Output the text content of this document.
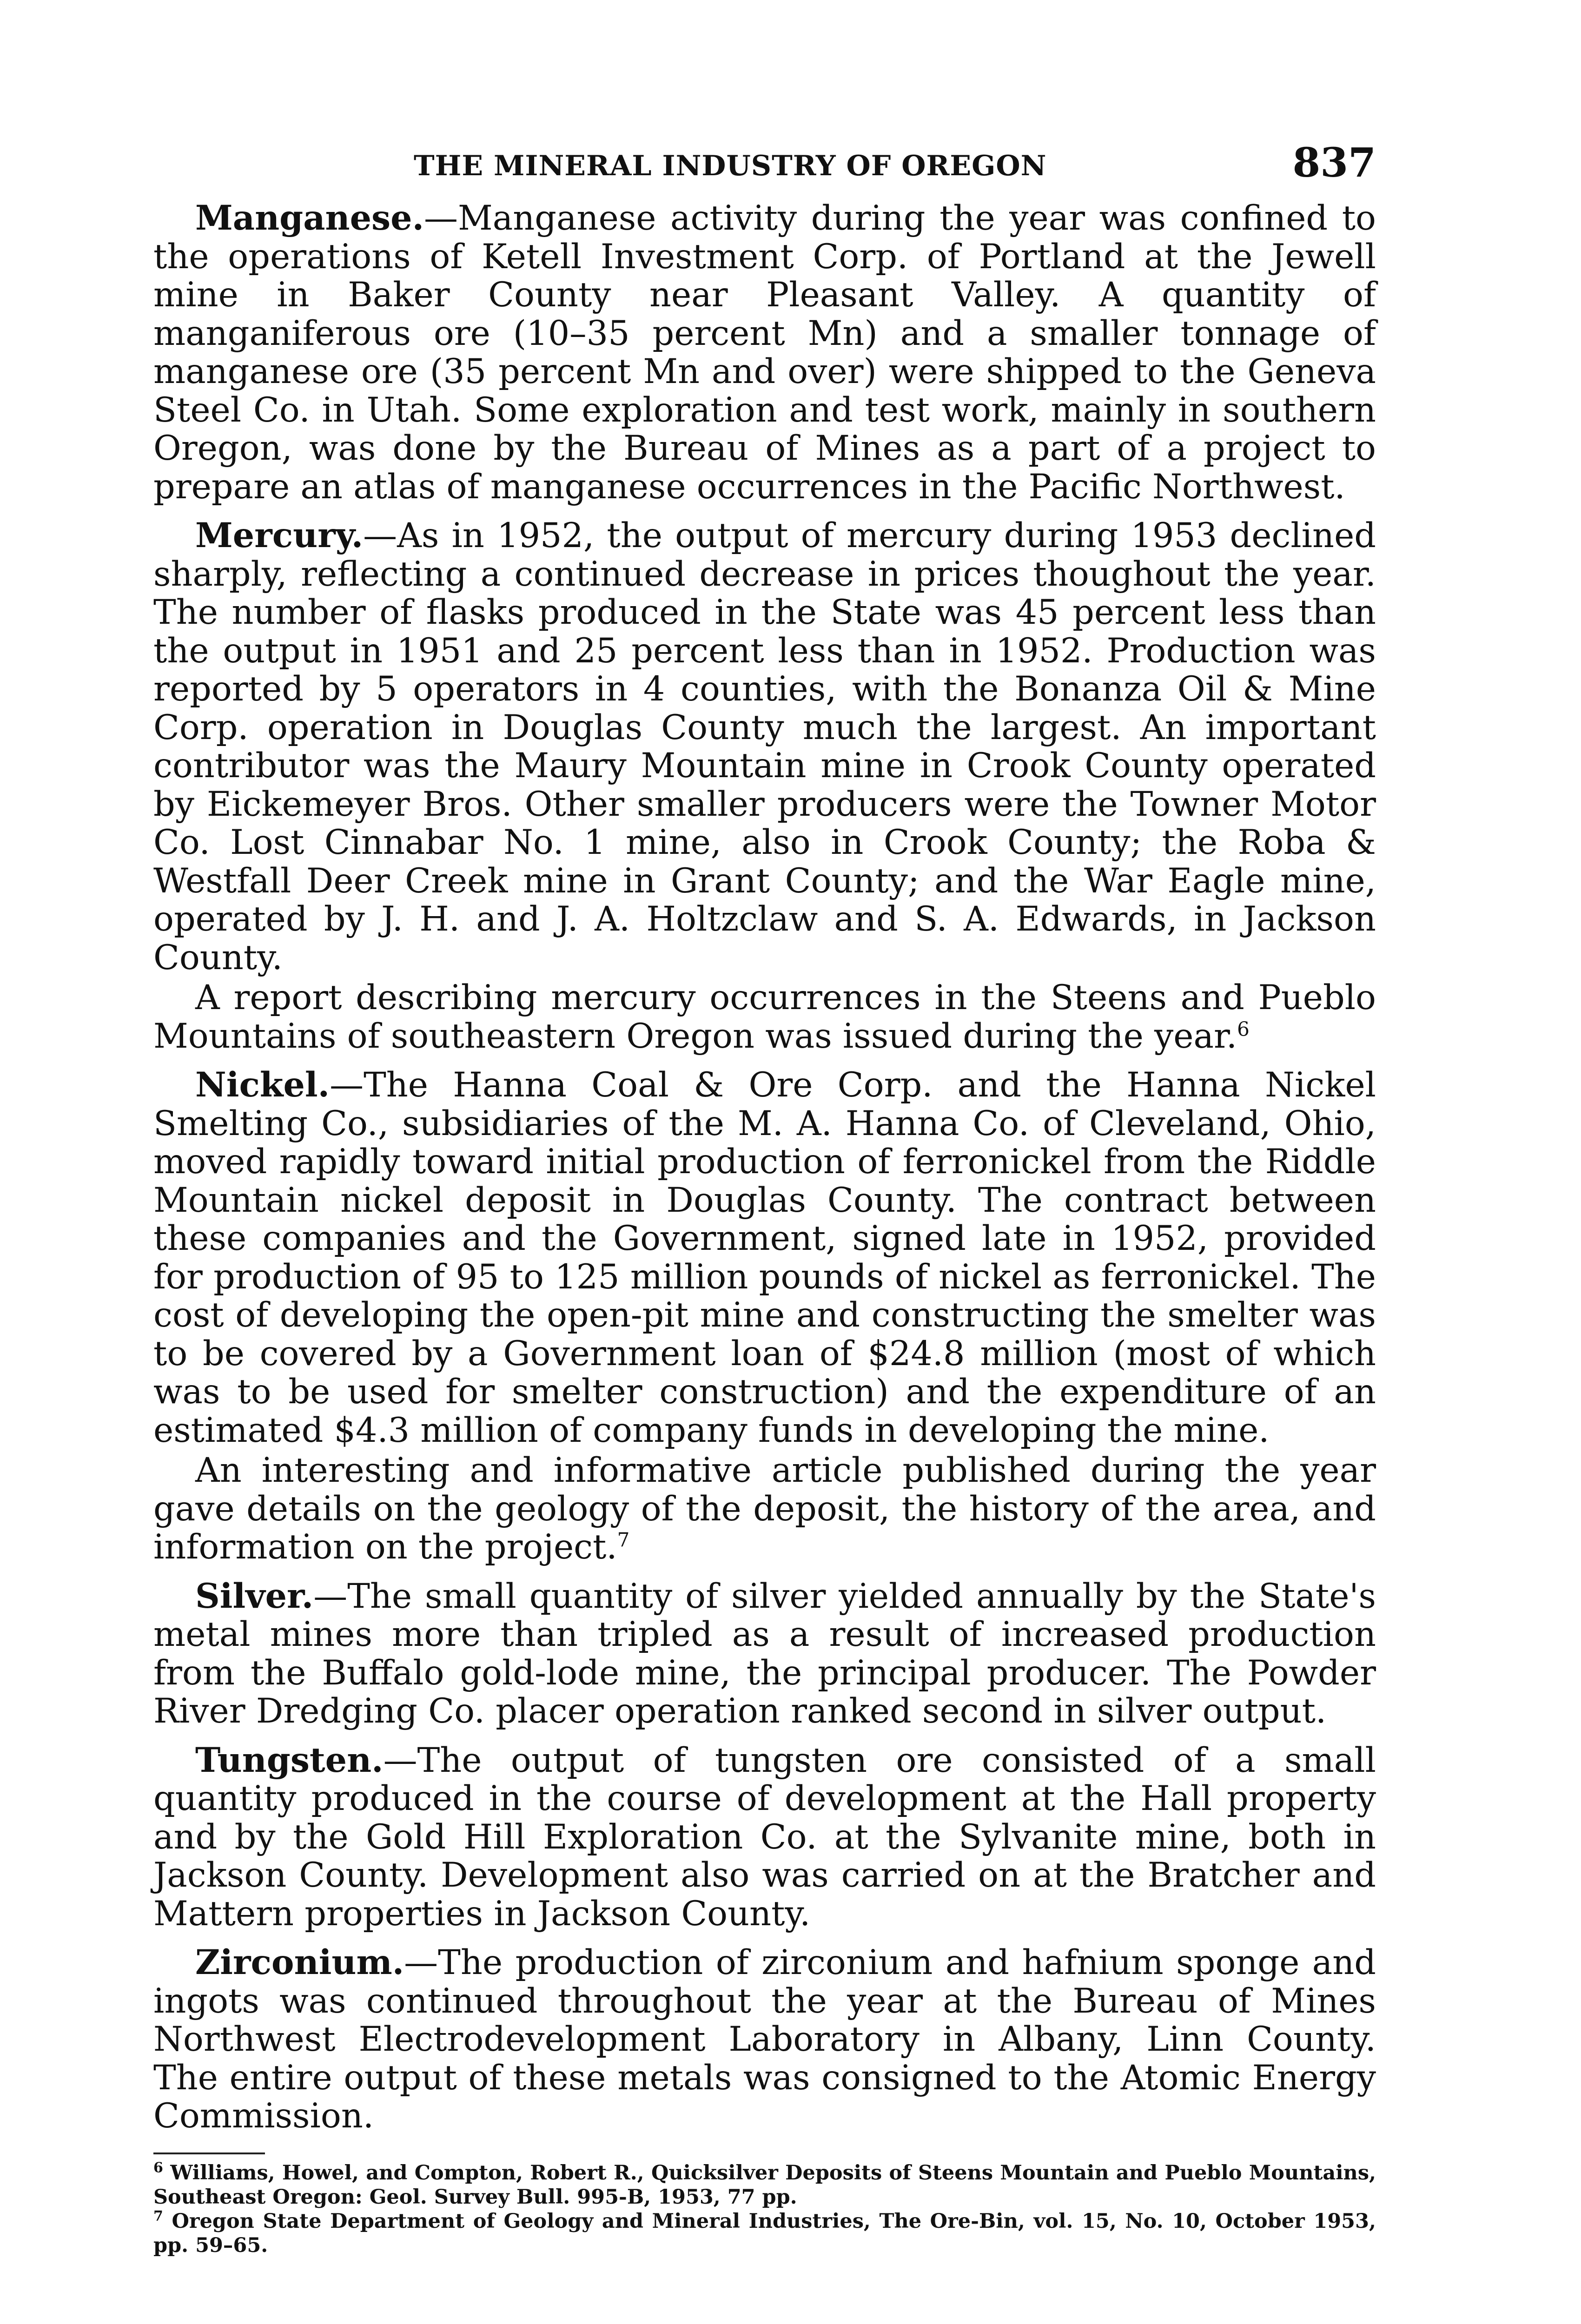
THE MINERAL INDUSTRY OF OREGON	837

Manganese.—Manganese activity during the year was confined to the operations of Ketell Investment Corp. of Portland at the Jewell mine in Baker County near Pleasant Valley. A quantity of manganiferous ore (10–35 percent Mn) and a smaller tonnage of manganese ore (35 percent Mn and over) were shipped to the Geneva Steel Co. in Utah. Some exploration and test work, mainly in southern Oregon, was done by the Bureau of Mines as a part of a project to prepare an atlas of manganese occurrences in the Pacific Northwest.

Mercury.—As in 1952, the output of mercury during 1953 declined sharply, reflecting a continued decrease in prices thoughout the year. The number of flasks produced in the State was 45 percent less than the output in 1951 and 25 percent less than in 1952. Production was reported by 5 operators in 4 counties, with the Bonanza Oil & Mine Corp. operation in Douglas County much the largest. An important contributor was the Maury Mountain mine in Crook County operated by Eickemeyer Bros. Other smaller producers were the Towner Motor Co. Lost Cinnabar No. 1 mine, also in Crook County; the Roba & Westfall Deer Creek mine in Grant County; and the War Eagle mine, operated by J. H. and J. A. Holtzclaw and S. A. Edwards, in Jackson County.

A report describing mercury occurrences in the Steens and Pueblo Mountains of southeastern Oregon was issued during the year.$^6$

Nickel.—The Hanna Coal & Ore Corp. and the Hanna Nickel Smelting Co., subsidiaries of the M. A. Hanna Co. of Cleveland, Ohio, moved rapidly toward initial production of ferronickel from the Riddle Mountain nickel deposit in Douglas County. The contract between these companies and the Government, signed late in 1952, provided for production of 95 to 125 million pounds of nickel as ferronickel. The cost of developing the open-pit mine and constructing the smelter was to be covered by a Government loan of $24.8 million (most of which was to be used for smelter construction) and the expenditure of an estimated $4.3 million of company funds in developing the mine.

An interesting and informative article published during the year gave details on the geology of the deposit, the history of the area, and information on the project.$^7$

Silver.—The small quantity of silver yielded annually by the State's metal mines more than tripled as a result of increased production from the Buffalo gold-lode mine, the principal producer. The Powder River Dredging Co. placer operation ranked second in silver output.

Tungsten.—The output of tungsten ore consisted of a small quantity produced in the course of development at the Hall property and by the Gold Hill Exploration Co. at the Sylvanite mine, both in Jackson County. Development also was carried on at the Bratcher and Mattern properties in Jackson County.

Zirconium.—The production of zirconium and hafnium sponge and ingots was continued throughout the year at the Bureau of Mines Northwest Electrodevelopment Laboratory in Albany, Linn County. The entire output of these metals was consigned to the Atomic Energy Commission.

$^6$ Williams, Howel, and Compton, Robert R., Quicksilver Deposits of Steens Mountain and Pueblo Mountains, Southeast Oregon: Geol. Survey Bull. 995-B, 1953, 77 pp.

$^7$ Oregon State Department of Geology and Mineral Industries, The Ore-Bin, vol. 15, No. 10, October 1953, pp. 59–65.
